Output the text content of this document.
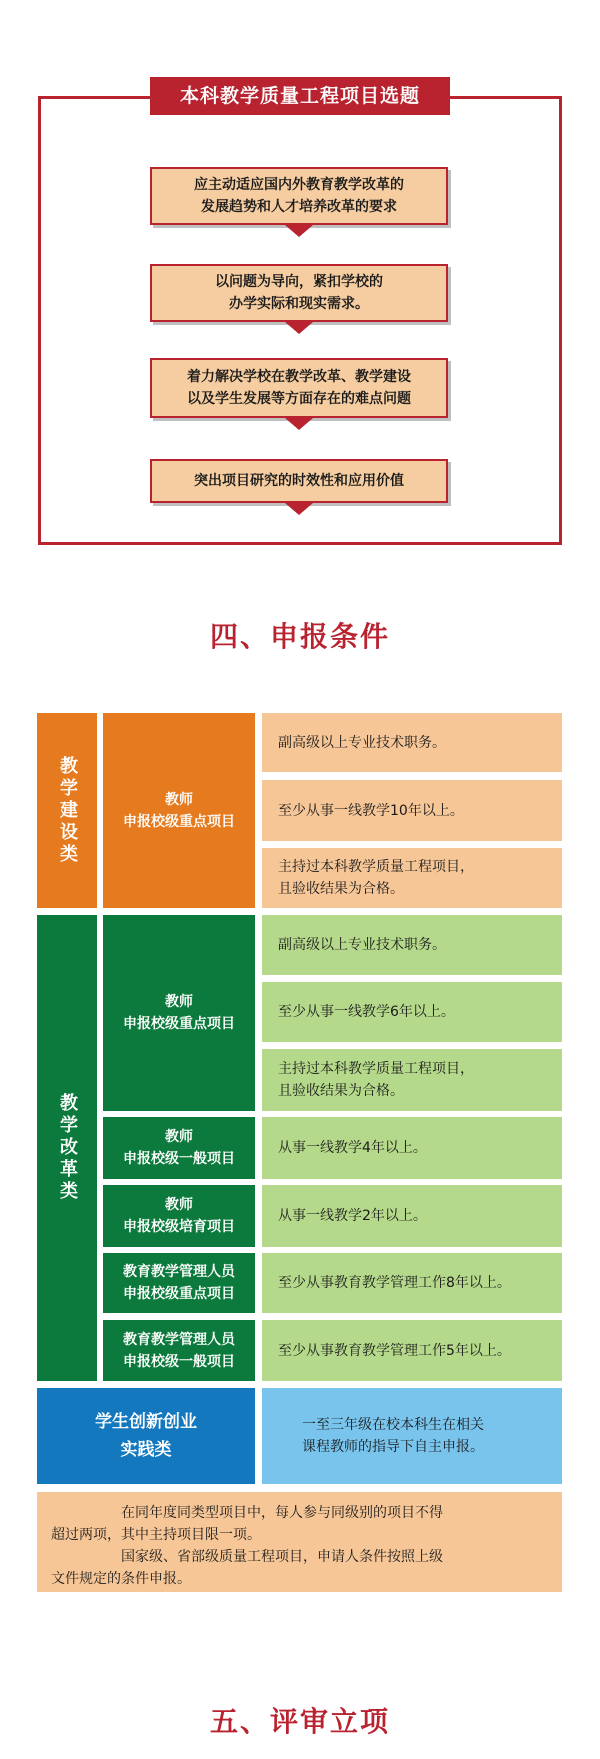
本科教学质量工程项目选题
应主动适应国内外教育教学改革的
发展趋势和人才培养改革的要求
以问题为导向，紧扣学校的
办学实际和现实需求。
着力解决学校在教学改革、教学建设
以及学生发展等方面存在的难点问题
突出项目研究的时效性和应用价值
四、申报条件
教学建设类	教师
申报校级重点项目
副高级以上专业技术职务。
至少从事一线教学10年以上。
主持过本科教学质量工程项目，
且验收结果为合格。
教学改革类
教师
申报校级重点项目
副高级以上专业技术职务。
至少从事一线教学6年以上。
主持过本科教学质量工程项目，
且验收结果为合格。
教师
申报校级一般项目
从事一线教学4年以上。
教师
申报校级培育项目
从事一线教学2年以上。
教育教学管理人员
申报校级重点项目
至少从事教育教学管理工作8年以上。
教育教学管理人员
申报校级一般项目
至少从事教育教学管理工作5年以上。
学生创新创业
实践类
一至三年级在校本科生在相关
课程教师的指导下自主申报。

在同年度同类型项目中，每人参与同级别的项目不得

超过两项，其中主持项目限一项。

国家级、省部级质量工程项目，申请人条件按照上级

文件规定的条件申报。

五、评审立项
